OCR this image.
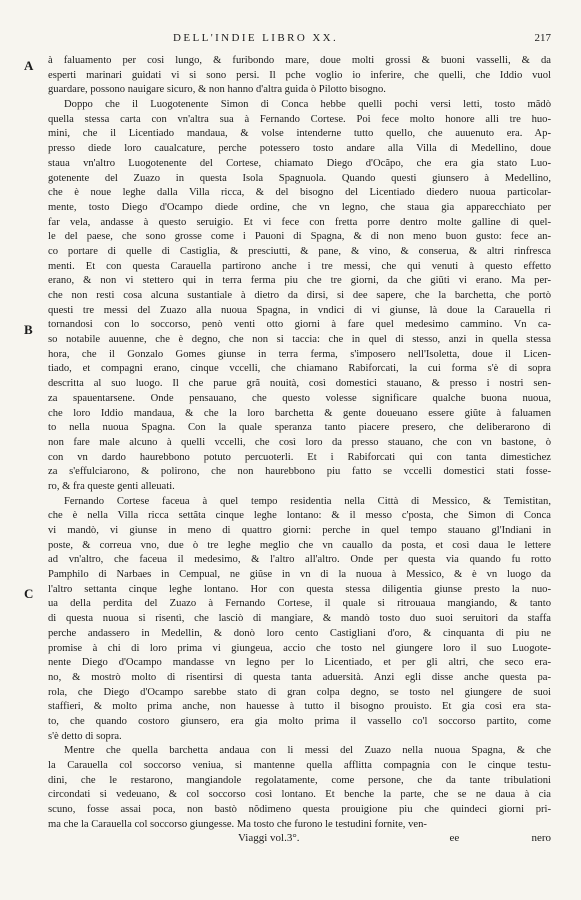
DELL'INDIE LIBRO XX.	217
A
B
C
à faluamento per cosi lungo, & furibondo mare, doue molti grossi & buoni vasselli, & da
esperti marinari guidati vi si sono persi. Il pche voglio io inferire, che quelli, che Iddio vuol
guardare, possono nauigare sicuro, & non hanno d'altra guida ò Pilotto bisogno.
Doppo che il Luogotenente Simon di Conca hebbe quelli pochi versi letti, tosto mãdò
quella stessa carta con vn'altra sua à Fernando Cortese. Poi fece molto honore alli tre huo-
mini, che il Licentiado mandaua, & volse intenderne tutto quello, che auuenuto era. Ap-
presso diede loro caualcature, perche potessero tosto andare alla Villa di Medellino, doue
staua vn'altro Luogotenente del Cortese, chiamato Diego d'Ocãpo, che era gia stato Luo-
gotenente del Zuazo in questa Isola Spagnuola. Quando questi giunsero à Medellino,
che è noue leghe dalla Villa ricca, & del bisogno del Licentiado diedero nuoua particolar-
mente, tosto Diego d'Ocampo diede ordine, che vn legno, che staua gia apparecchiato per
far vela, andasse à questo seruigio. Et vi fece con fretta porre dentro molte galline di quel-
le del paese, che sono grosse come i Pauoni di Spagna, & di non meno buon gusto: fece an-
co portare di quelle di Castiglia, & presciutti, & pane, & vino, & conserua, & altri rinfresca
menti. Et con questa Carauella partirono anche i tre messi, che qui venuti à questo effetto
erano, & non vi stettero qui in terra ferma piu che tre giorni, da che giũti vi erano. Ma per-
che non resti cosa alcuna sustantiale à dietro da dirsi, si dee sapere, che la barchetta, che portò
questi tre messi del Zuazo alla nuoua Spagna, in vndici di vi giunse, là doue la Carauella ri
tornandosi con lo soccorso, penò venti otto giorni à fare quel medesimo cammino. Vn ca-
so notabile auuenne, che è degno, che non si taccia: che in quel di stesso, anzi in quella stessa
hora, che il Gonzalo Gomes giunse in terra ferma, s'imposero nell'Isoletta, doue il Licen-
tiado, et compagni erano, cinque vccelli, che chiamano Rabiforcati, la cui forma s'è di sopra
descritta al suo luogo. Il che parue grã nouità, così domestici stauano, & presso i nostri sen-
za spauentarsene. Onde pensauano, che questo volesse significare qualche buona nuoua,
che loro Iddio mandaua, & che la loro barchetta & gente doueuano essere giũte à faluamen
to nella nuoua Spagna. Con la quale speranza tanto piacere presero, che deliberarono di
non fare male alcuno à quelli vccelli, che così loro da presso stauano, che con vn bastone, ò
con vn dardo haurebbono potuto percuoterli. Et i Rabiforcati qui con tanta dimestichez
za s'effulciarono, & polirono, che non haurebbono piu fatto se vccelli domestici stati fosse-
ro, & fra queste genti alleuati.
Fernando Cortese faceua à quel tempo residentia nella Città di Messico, & Temistitan,
che è nella Villa ricca settãta cinque leghe lontano: & il messo c'posta, che Simon di Conca
vi mandò, vi giunse in meno di quattro giorni: perche in quel tempo stauano gl'Indiani in
poste, & correua vno, due ò tre leghe meglio che vn cauallo da posta, et così daua le lettere
ad vn'altro, che faceua il medesimo, & l'altro all'altro. Onde per questa via quando fu rotto
Pamphilo di Narbaes in Cempual, ne giũse in vn di la nuoua à Messico, & è vn luogo da
l'altro settanta cinque leghe lontano. Hor con questa stessa diligentia giunse presto la nuo-
ua della perdita del Zuazo à Fernando Cortese, il quale si ritrouaua mangiando, & tanto
di questa nuoua si risentì, che lasciò di mangiare, & mandò tosto duo suoi seruitori da staffa
perche andassero in Medellin, & donò loro cento Castigliani d'oro, & cinquanta di piu ne
promise à chi di loro prima vi giungeua, accio che tosto nel giungere loro il suo Luogote-
nente Diego d'Ocampo mandasse vn legno per lo Licentiado, et per gli altri, che seco era-
no, & mostrò molto di risentirsi di questa tanta aduersità. Anzi egli disse anche questa pa-
rola, che Diego d'Ocampo sarebbe stato di gran colpa degno, se tosto nel giungere de suoi
staffieri, & molto prima anche, non hauesse à tutto il bisogno prouisto. Et gia così era sta-
to, che quando costoro giunsero, era gia molto prima il vassello co'l soccorso partito, come
s'è detto di sopra.
Mentre che quella barchetta andaua con li messi del Zuazo nella nuoua Spagna, & che
la Carauella col soccorso veniua, si mantenne quella afflitta compagnia con le cinque testu-
dini, che le restarono, mangiandole regolatamente, come persone, che da tante tribulationi
circondati si vedeuano, & col soccorso così lontano. Et benche la parte, che se ne daua à cia
scuno, fosse assai poca, non bastò nõdimeno questa prouigione piu che quindeci giorni pri-
ma che la Carauella col soccorso giungesse. Ma tosto che furono le testudini fornite, ven-
Viaggi vol.3°.	ee	nero
